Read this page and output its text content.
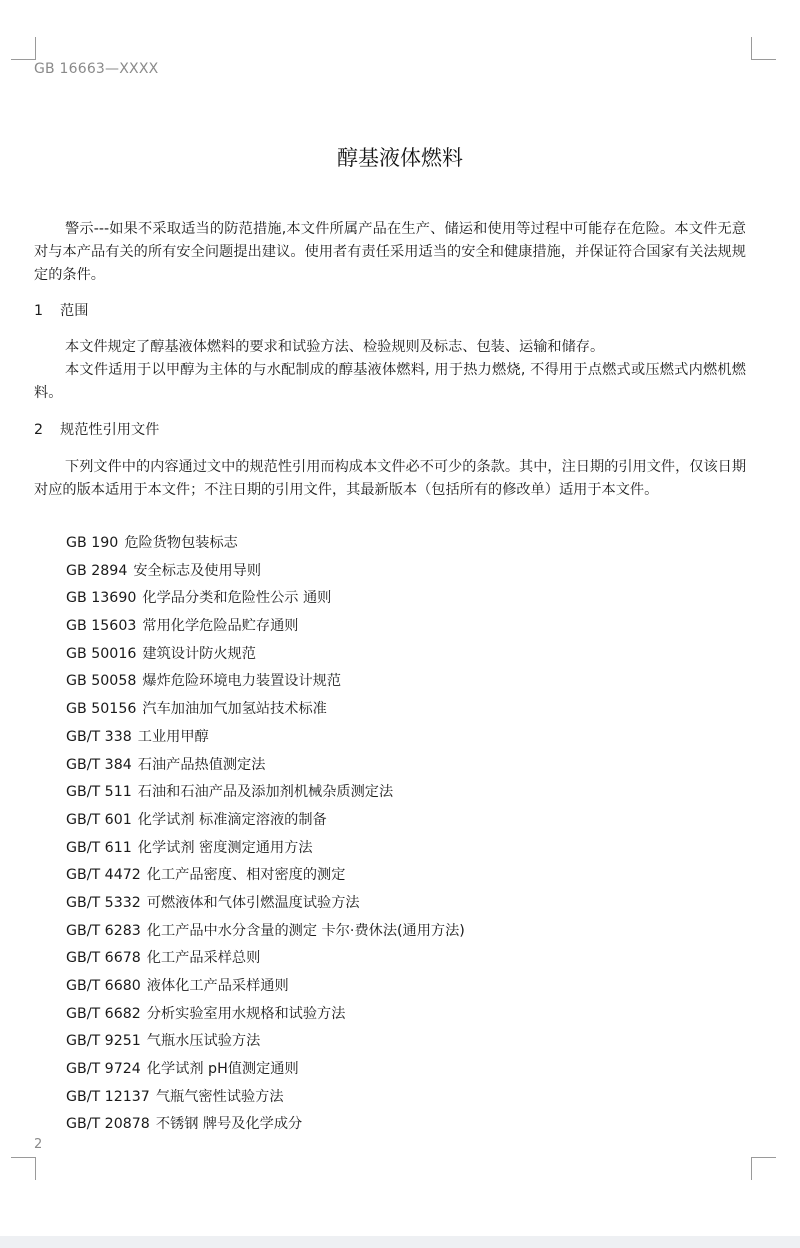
GB 16663—XXXX
醇基液体燃料

警示---如果不采取适当的防范措施,本文件所属产品在生产、储运和使用等过程中可能存在危险。本文件无意对与本产品有关的所有安全问题提出建议。使用者有责任采用适当的安全和健康措施，并保证符合国家有关法规规定的条件。

1 范围

本文件规定了醇基液体燃料的要求和试验方法、检验规则及标志、包装、运输和储存。

本文件适用于以甲醇为主体的与水配制成的醇基液体燃料, 用于热力燃烧, 不得用于点燃式或压燃式内燃机燃料。

2 规范性引用文件

下列文件中的内容通过文中的规范性引用而构成本文件必不可少的条款。其中，注日期的引用文件，仅该日期对应的版本适用于本文件；不注日期的引用文件，其最新版本（包括所有的修改单）适用于本文件。

GB 190 危险货物包装标志
GB 2894 安全标志及使用导则
GB 13690 化学品分类和危险性公示 通则
GB 15603 常用化学危险品贮存通则
GB 50016 建筑设计防火规范
GB 50058 爆炸危险环境电力装置设计规范
GB 50156 汽车加油加气加氢站技术标准
GB/T 338 工业用甲醇
GB/T 384 石油产品热值测定法
GB/T 511 石油和石油产品及添加剂机械杂质测定法
GB/T 601 化学试剂 标准滴定溶液的制备
GB/T 611 化学试剂 密度测定通用方法
GB/T 4472 化工产品密度、相对密度的测定
GB/T 5332 可燃液体和气体引燃温度试验方法
GB/T 6283 化工产品中水分含量的测定 卡尔·费休法(通用方法)
GB/T 6678 化工产品采样总则
GB/T 6680 液体化工产品采样通则
GB/T 6682 分析实验室用水规格和试验方法
GB/T 9251 气瓶水压试验方法
GB/T 9724 化学试剂 pH值测定通则
GB/T 12137 气瓶气密性试验方法
GB/T 20878 不锈钢 牌号及化学成分
2
